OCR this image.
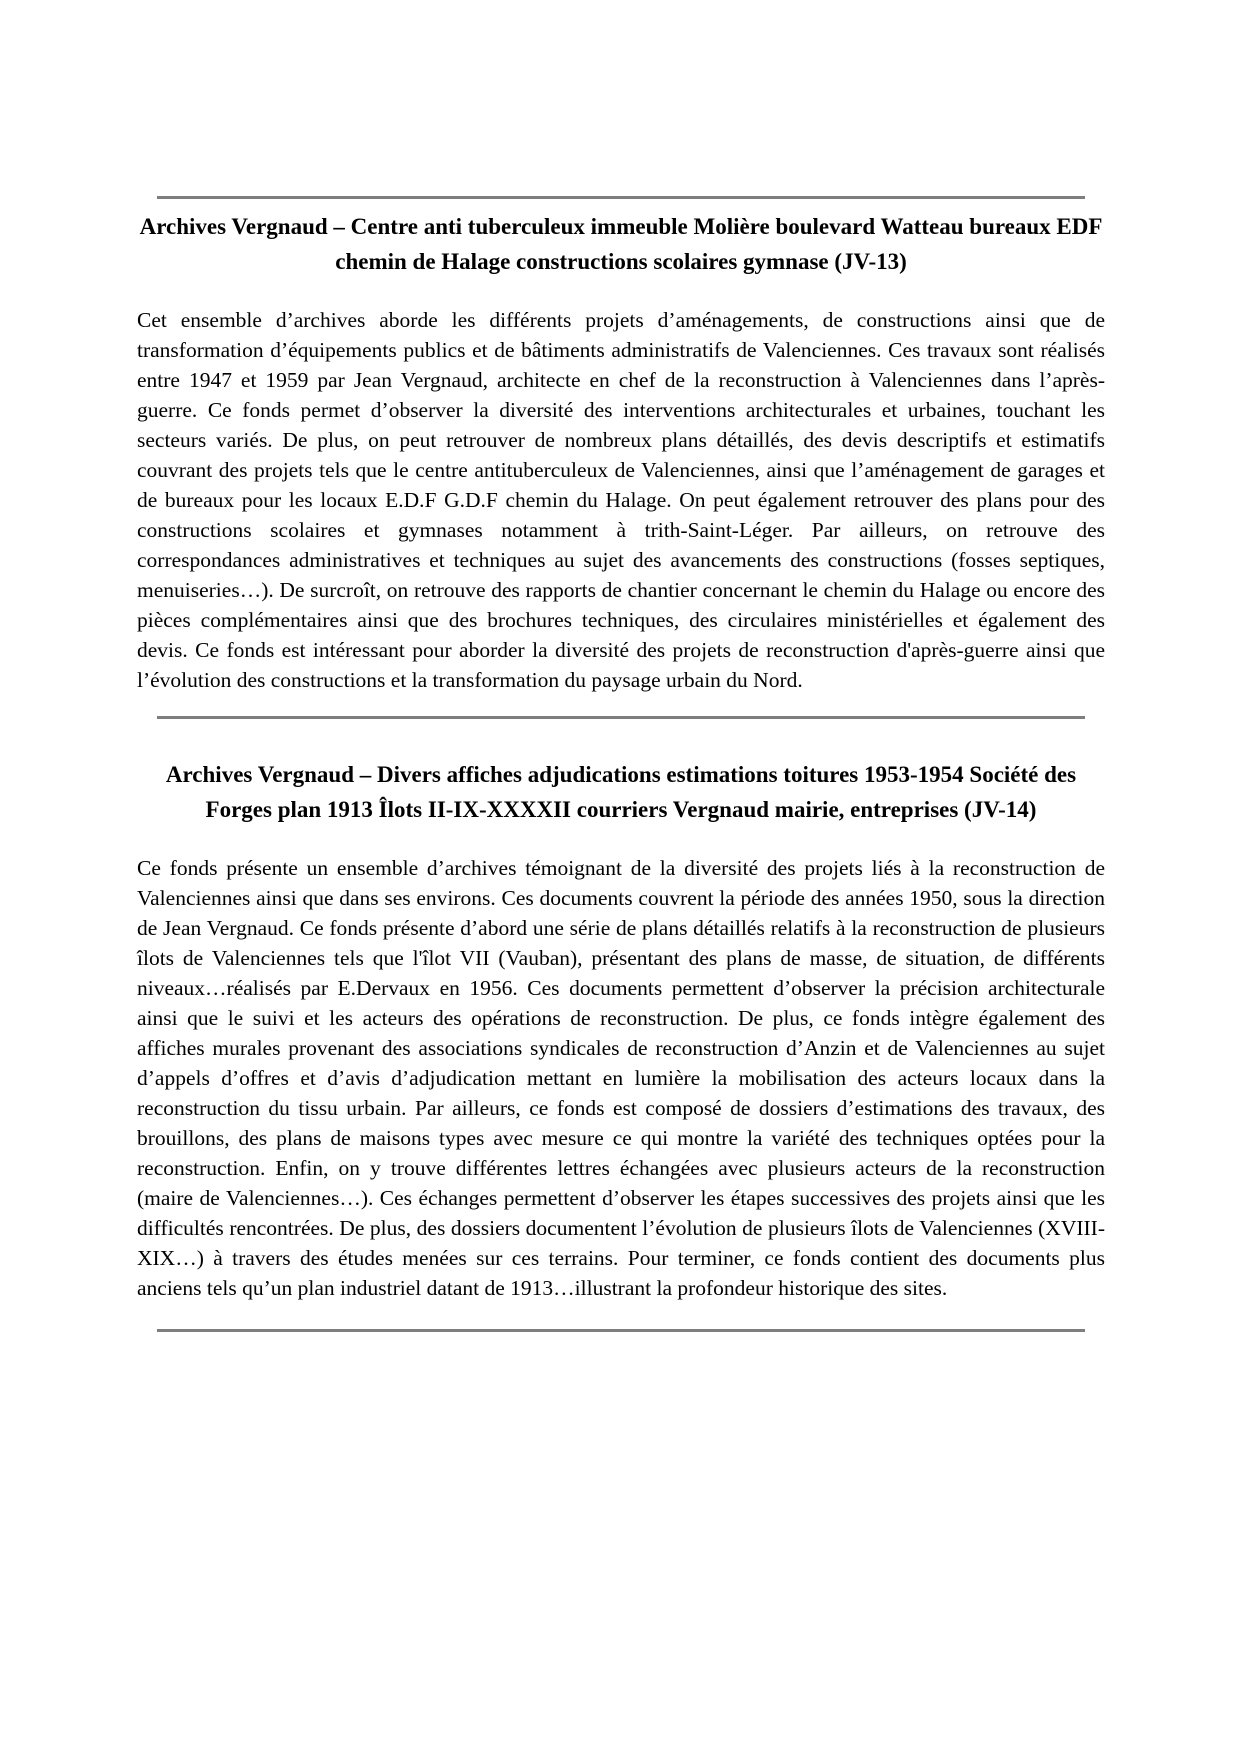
Archives Vergnaud – Centre anti tuberculeux immeuble Molière boulevard Watteau bureaux EDF chemin de Halage constructions scolaires gymnase (JV-13)

Cet ensemble d’archives aborde les différents projets d’aménagements, de constructions ainsi que de transformation d’équipements publics et de bâtiments administratifs de Valenciennes. Ces travaux sont réalisés entre 1947 et 1959 par Jean Vergnaud, architecte en chef de la reconstruction à Valenciennes dans l’après-guerre. Ce fonds permet d’observer la diversité des interventions architecturales et urbaines, touchant les secteurs variés. De plus, on peut retrouver de nombreux plans détaillés, des devis descriptifs et estimatifs couvrant des projets tels que le centre antituberculeux de Valenciennes, ainsi que l’aménagement de garages et de bureaux pour les locaux E.D.F G.D.F chemin du Halage. On peut également retrouver des plans pour des constructions scolaires et gymnases notamment à trith-Saint-Léger. Par ailleurs, on retrouve des correspondances administratives et techniques au sujet des avancements des constructions (fosses septiques, menuiseries…). De surcroît, on retrouve des rapports de chantier concernant le chemin du Halage ou encore des pièces complémentaires ainsi que des brochures techniques, des circulaires ministérielles et également des devis. Ce fonds est intéressant pour aborder la diversité des projets de reconstruction d'après-guerre ainsi que l’évolution des constructions et la transformation du paysage urbain du Nord.

Archives Vergnaud – Divers affiches adjudications estimations toitures 1953-1954 Société des Forges plan 1913 Îlots II-IX-XXXXII courriers Vergnaud mairie, entreprises (JV-14)

Ce fonds présente un ensemble d’archives témoignant de la diversité des projets liés à la reconstruction de Valenciennes ainsi que dans ses environs. Ces documents couvrent la période des années 1950, sous la direction de Jean Vergnaud. Ce fonds présente d’abord une série de plans détaillés relatifs à la reconstruction de plusieurs îlots de Valenciennes tels que l'îlot VII (Vauban), présentant des plans de masse, de situation, de différents niveaux…réalisés par E.Dervaux en 1956. Ces documents permettent d’observer la précision architecturale ainsi que le suivi et les acteurs des opérations de reconstruction. De plus, ce fonds intègre également des affiches murales provenant des associations syndicales de reconstruction d’Anzin et de Valenciennes au sujet d’appels d’offres et d’avis d’adjudication mettant en lumière la mobilisation des acteurs locaux dans la reconstruction du tissu urbain. Par ailleurs, ce fonds est composé de dossiers d’estimations des travaux, des brouillons, des plans de maisons types avec mesure ce qui montre la variété des techniques optées pour la reconstruction. Enfin, on y trouve différentes lettres échangées avec plusieurs acteurs de la reconstruction (maire de Valenciennes…). Ces échanges permettent d’observer les étapes successives des projets ainsi que les difficultés rencontrées. De plus, des dossiers documentent l’évolution de plusieurs îlots de Valenciennes (XVIII-XIX…) à travers des études menées sur ces terrains. Pour terminer, ce fonds contient des documents plus anciens tels qu’un plan industriel datant de 1913…illustrant la profondeur historique des sites.
